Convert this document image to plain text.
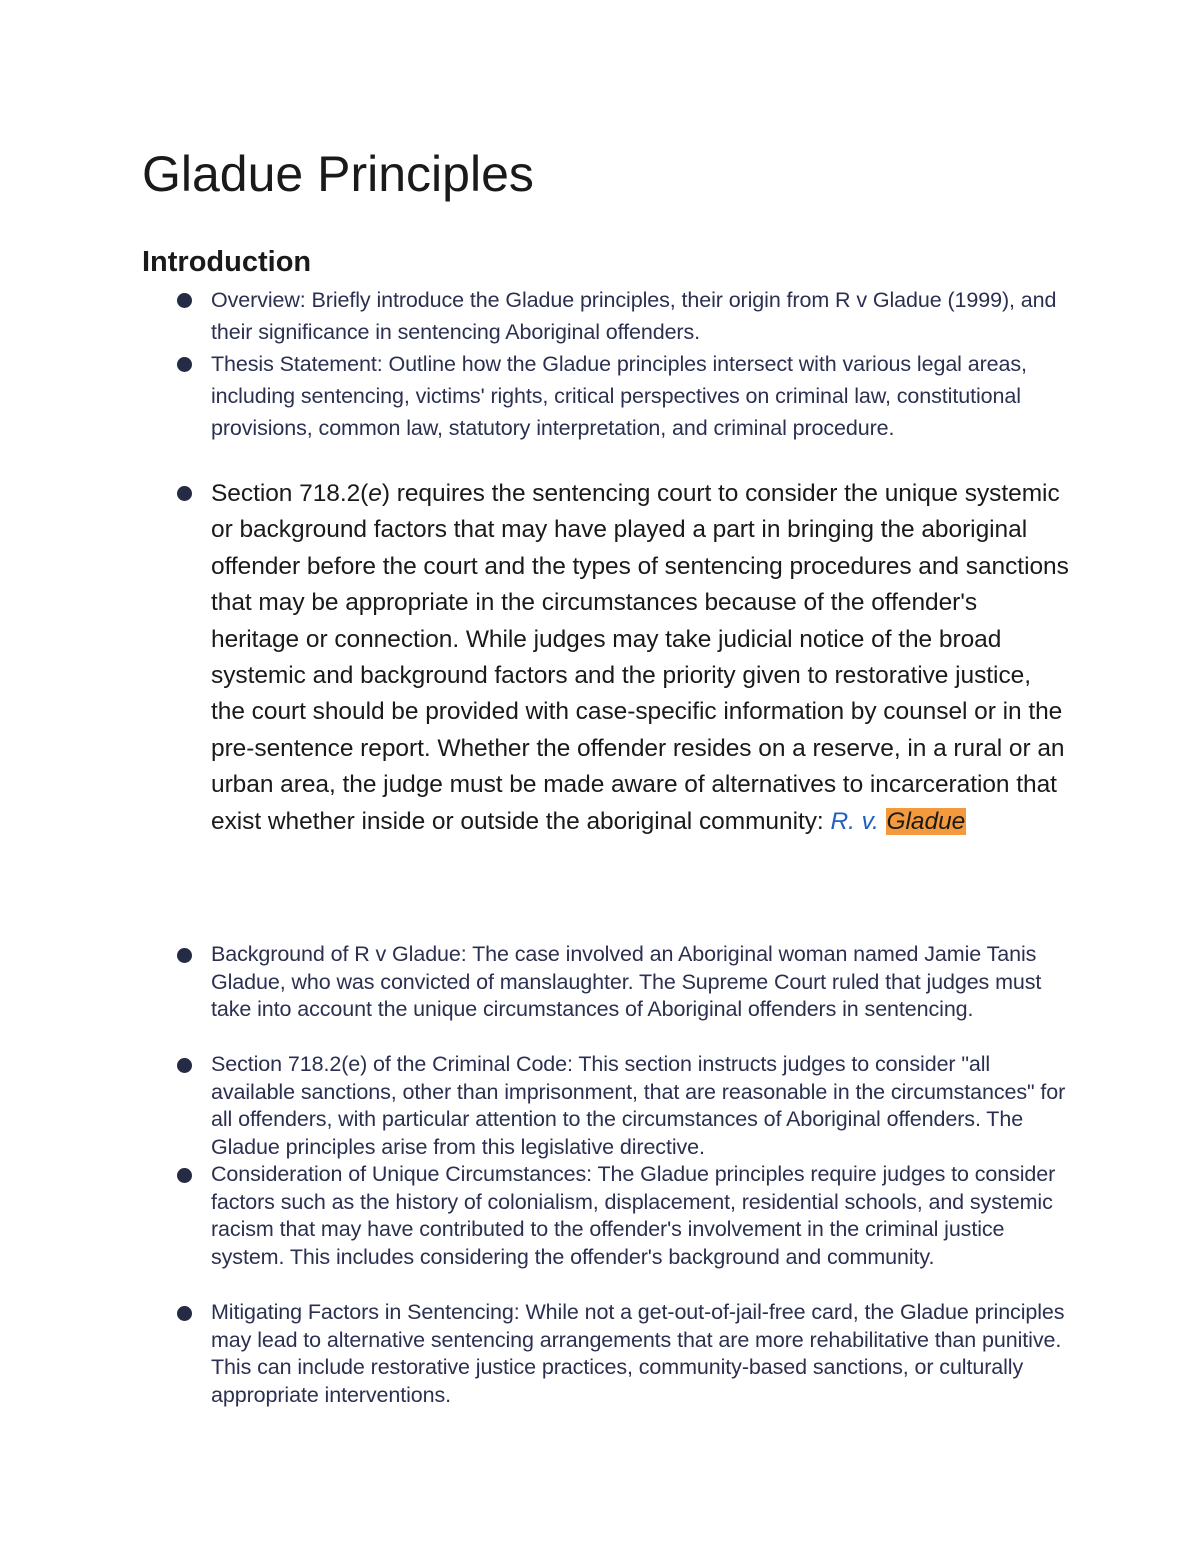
Gladue Principles
Introduction
Overview: Briefly introduce the Gladue principles, their origin from R v Gladue (1999), and their significance in sentencing Aboriginal offenders.
Thesis Statement: Outline how the Gladue principles intersect with various legal areas, including sentencing, victims' rights, critical perspectives on criminal law, constitutional provisions, common law, statutory interpretation, and criminal procedure.
Section 718.2(e) requires the sentencing court to consider the unique systemic or background factors that may have played a part in bringing the aboriginal offender before the court and the types of sentencing procedures and sanctions that may be appropriate in the circumstances because of the offender's heritage or connection. While judges may take judicial notice of the broad systemic and background factors and the priority given to restorative justice, the court should be provided with case-specific information by counsel or in the pre-sentence report. Whether the offender resides on a reserve, in a rural or an urban area, the judge must be made aware of alternatives to incarceration that exist whether inside or outside the aboriginal community: R. v. Gladue
Background of R v Gladue: The case involved an Aboriginal woman named Jamie Tanis Gladue, who was convicted of manslaughter. The Supreme Court ruled that judges must take into account the unique circumstances of Aboriginal offenders in sentencing.
Section 718.2(e) of the Criminal Code: This section instructs judges to consider "all available sanctions, other than imprisonment, that are reasonable in the circumstances" for all offenders, with particular attention to the circumstances of Aboriginal offenders. The Gladue principles arise from this legislative directive.
Consideration of Unique Circumstances: The Gladue principles require judges to consider factors such as the history of colonialism, displacement, residential schools, and systemic racism that may have contributed to the offender's involvement in the criminal justice system. This includes considering the offender's background and community.
Mitigating Factors in Sentencing: While not a get-out-of-jail-free card, the Gladue principles may lead to alternative sentencing arrangements that are more rehabilitative than punitive. This can include restorative justice practices, community-based sanctions, or culturally appropriate interventions.
